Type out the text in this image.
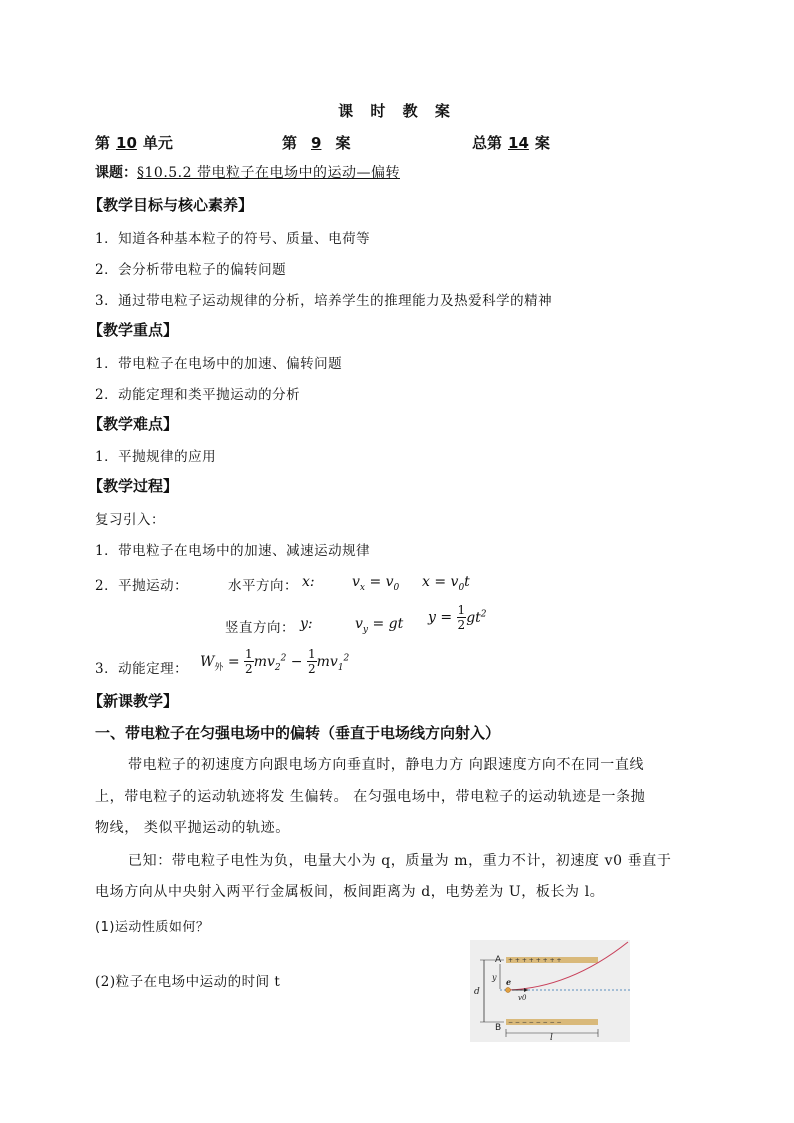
课 时 教 案
第 10 单元	第 9 案	总第 14 案
课题：§10.5.2 带电粒子在电场中的运动—偏转
【教学目标与核心素养】
1．知道各种基本粒子的符号、质量、电荷等
2．会分析带电粒子的偏转问题
3．通过带电粒子运动规律的分析，培养学生的推理能力及热爱科学的精神
【教学重点】
1．带电粒子在电场中的加速、偏转问题
2．动能定理和类平抛运动的分析
【教学难点】
1．平抛规律的应用
【教学过程】
复习引入：
1．带电粒子在电场中的加速、减速运动规律
2．平抛运动：	水平方向： x:	$v_x = v_0$ $x = v_0t$
竖直方向： y:	$v_y$ = gt $y = \frac{1}{2} gt^2$
3．动能定理： $W_外 = \frac{1}{2} mv_2^2 - \frac{1}{2} mv_1^2$
【新课教学】
一、带电粒子在匀强电场中的偏转（垂直于电场线方向射入）
带电粒子的初速度方向跟电场方向垂直时，静电力方 向跟速度方向不在同一直线
上，带电粒子的运动轨迹将发 生偏转。 在匀强电场中，带电粒子的运动轨迹是一条抛
物线， 类似平抛运动的轨迹。
已知：带电粒子电性为负，电量大小为 q，质量为 m，重力不计，初速度 v0 垂直于
电场方向从中央射入两平行金属板间，板间距离为 d，电势差为 U，板长为 l。
(1)运动性质如何？
(2)粒子在电场中运动的时间 t
+ + + + + + + +
− − − − − − − −
A
B
d
y e
v0
l
